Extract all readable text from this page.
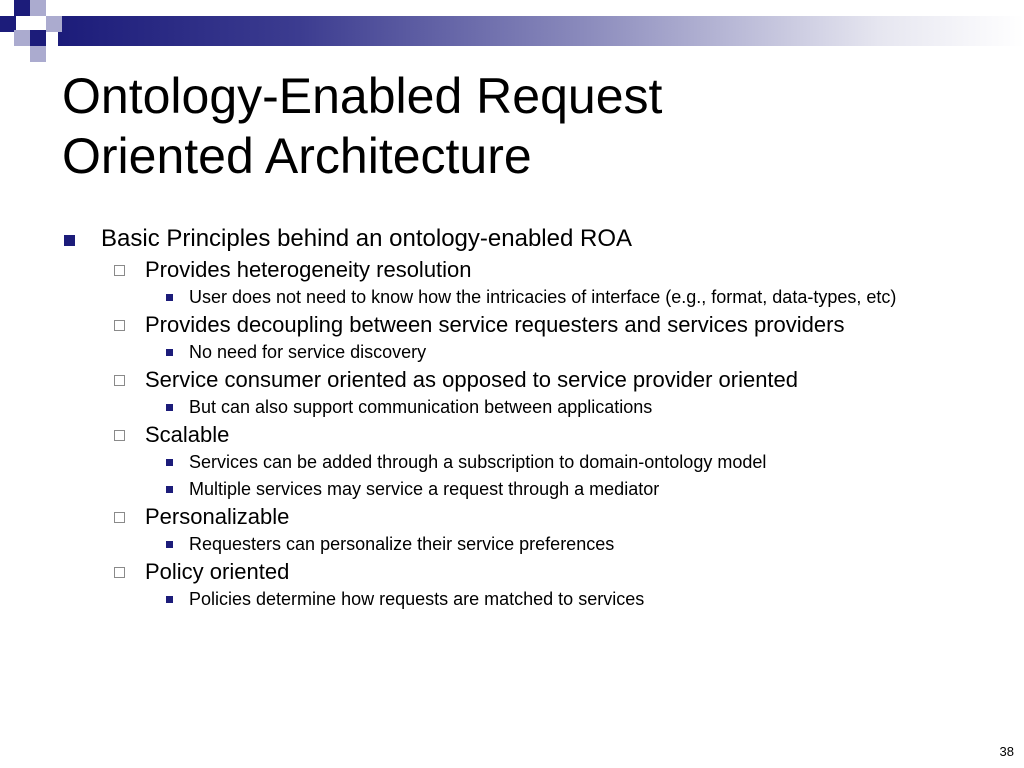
Ontology-Enabled Request
Oriented Architecture
Basic Principles behind an ontology-enabled ROA
Provides heterogeneity resolution
User does not need to know how the intricacies of interface (e.g., format, data-types, etc)
Provides decoupling between service requesters and services providers
No need for service discovery
Service consumer oriented as opposed to service provider oriented
But can also support communication between applications
Scalable
Services can be added through a subscription to domain-ontology model
Multiple services may service a request through a mediator
Personalizable
Requesters can personalize their service preferences
Policy oriented
Policies determine how requests are matched to services
38
